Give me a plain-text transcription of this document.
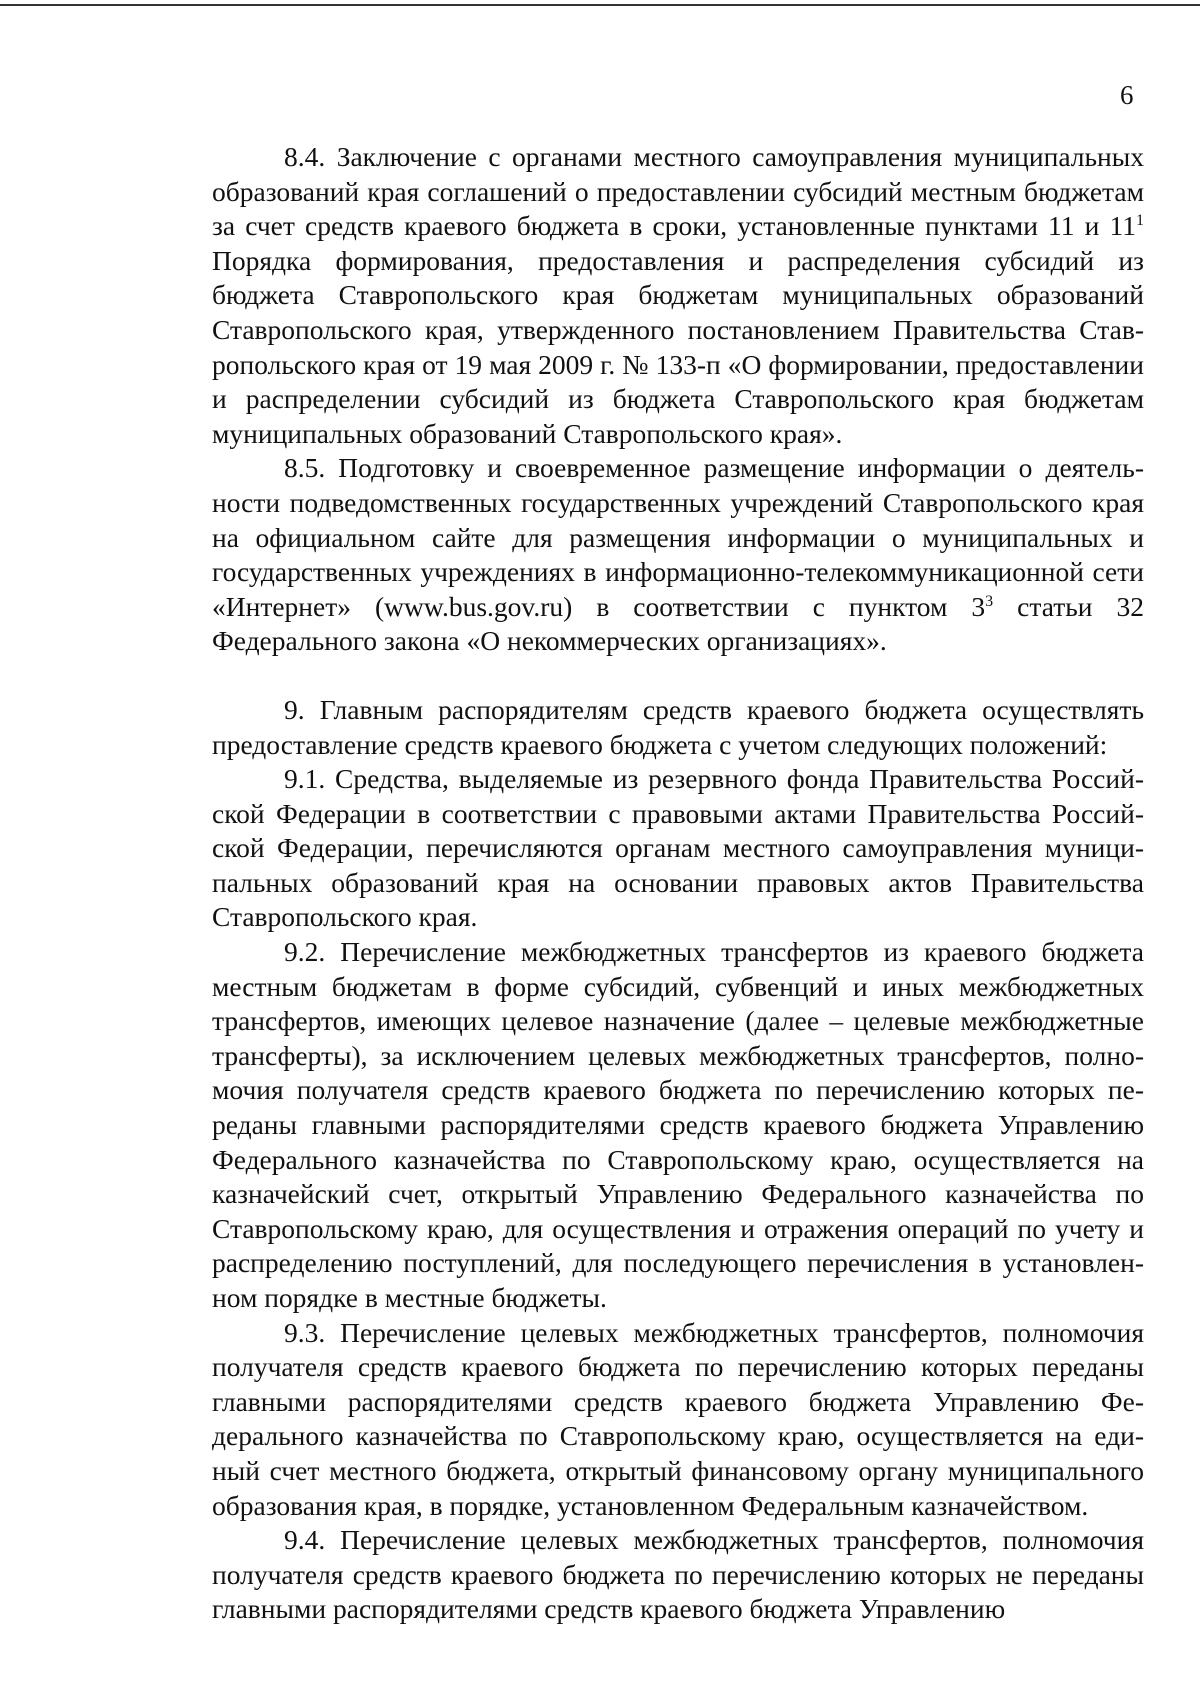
6

8.4. Заключение с органами местного самоуправления муниципальных образований края соглашений о предоставлении субсидий местным бюджетам за счет средств краевого бюджета в сроки, установленные пунктами 11 и $11^1$ Порядка формирования, предоставления и распределения субсидий из бюджета Ставропольского края бюджетам муниципальных образований Ставропольского края, утвержденного постановлением Правительства Ставропольского края от 19 мая 2009 г. № 133-п «О формировании, предоставлении и распределении субсидий из бюджета Ставропольского края бюджетам муниципальных образований Ставропольского края».

8.5. Подготовку и своевременное размещение информации о деятельности подведомственных государственных учреждений Ставропольского края на официальном сайте для размещения информации о муниципальных и государственных учреждениях в информационно-телекоммуникационной сети «Интернет» (www.bus.gov.ru) в соответствии с пунктом $3^3$ статьи 32 Федерального закона «О некоммерческих организациях».

9. Главным распорядителям средств краевого бюджета осуществлять предоставление средств краевого бюджета с учетом следующих положений:

9.1. Средства, выделяемые из резервного фонда Правительства Российской Федерации в соответствии с правовыми актами Правительства Российской Федерации, перечисляются органам местного самоуправления муниципальных образований края на основании правовых актов Правительства Ставропольского края.

9.2. Перечисление межбюджетных трансфертов из краевого бюджета местным бюджетам в форме субсидий, субвенций и иных межбюджетных трансфертов, имеющих целевое назначение (далее – целевые межбюджетные трансферты), за исключением целевых межбюджетных трансфертов, полномочия получателя средств краевого бюджета по перечислению которых переданы главными распорядителями средств краевого бюджета Управлению Федерального казначейства по Ставропольскому краю, осуществляется на казначейский счет, открытый Управлению Федерального казначейства по Ставропольскому краю, для осуществления и отражения операций по учету и распределению поступлений, для последующего перечисления в установленном порядке в местные бюджеты.

9.3. Перечисление целевых межбюджетных трансфертов, полномочия получателя средств краевого бюджета по перечислению которых переданы главными распорядителями средств краевого бюджета Управлению Федерального казначейства по Ставропольскому краю, осуществляется на единый счет местного бюджета, открытый финансовому органу муниципального образования края, в порядке, установленном Федеральным казначейством.

9.4. Перечисление целевых межбюджетных трансфертов, полномочия получателя средств краевого бюджета по перечислению которых не переданы главными распорядителями средств краевого бюджета Управлению
